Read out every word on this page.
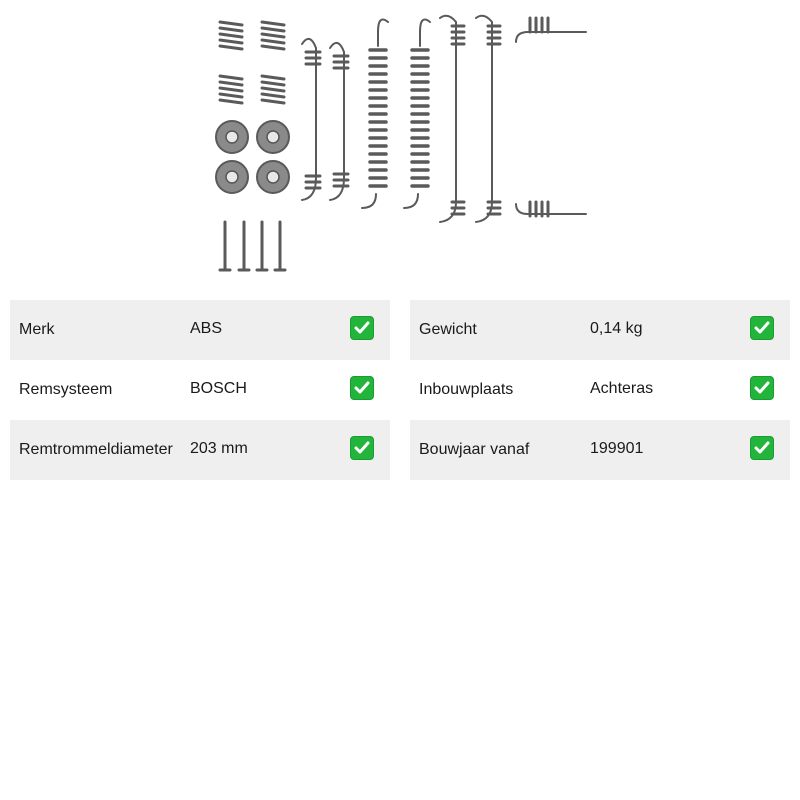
Merk	ABS
Remsysteem	BOSCH
Remtrommeldiameter 203 mm
Gewicht	0,14 kg
Inbouwplaats	Achteras
Bouwjaar vanaf	199901
